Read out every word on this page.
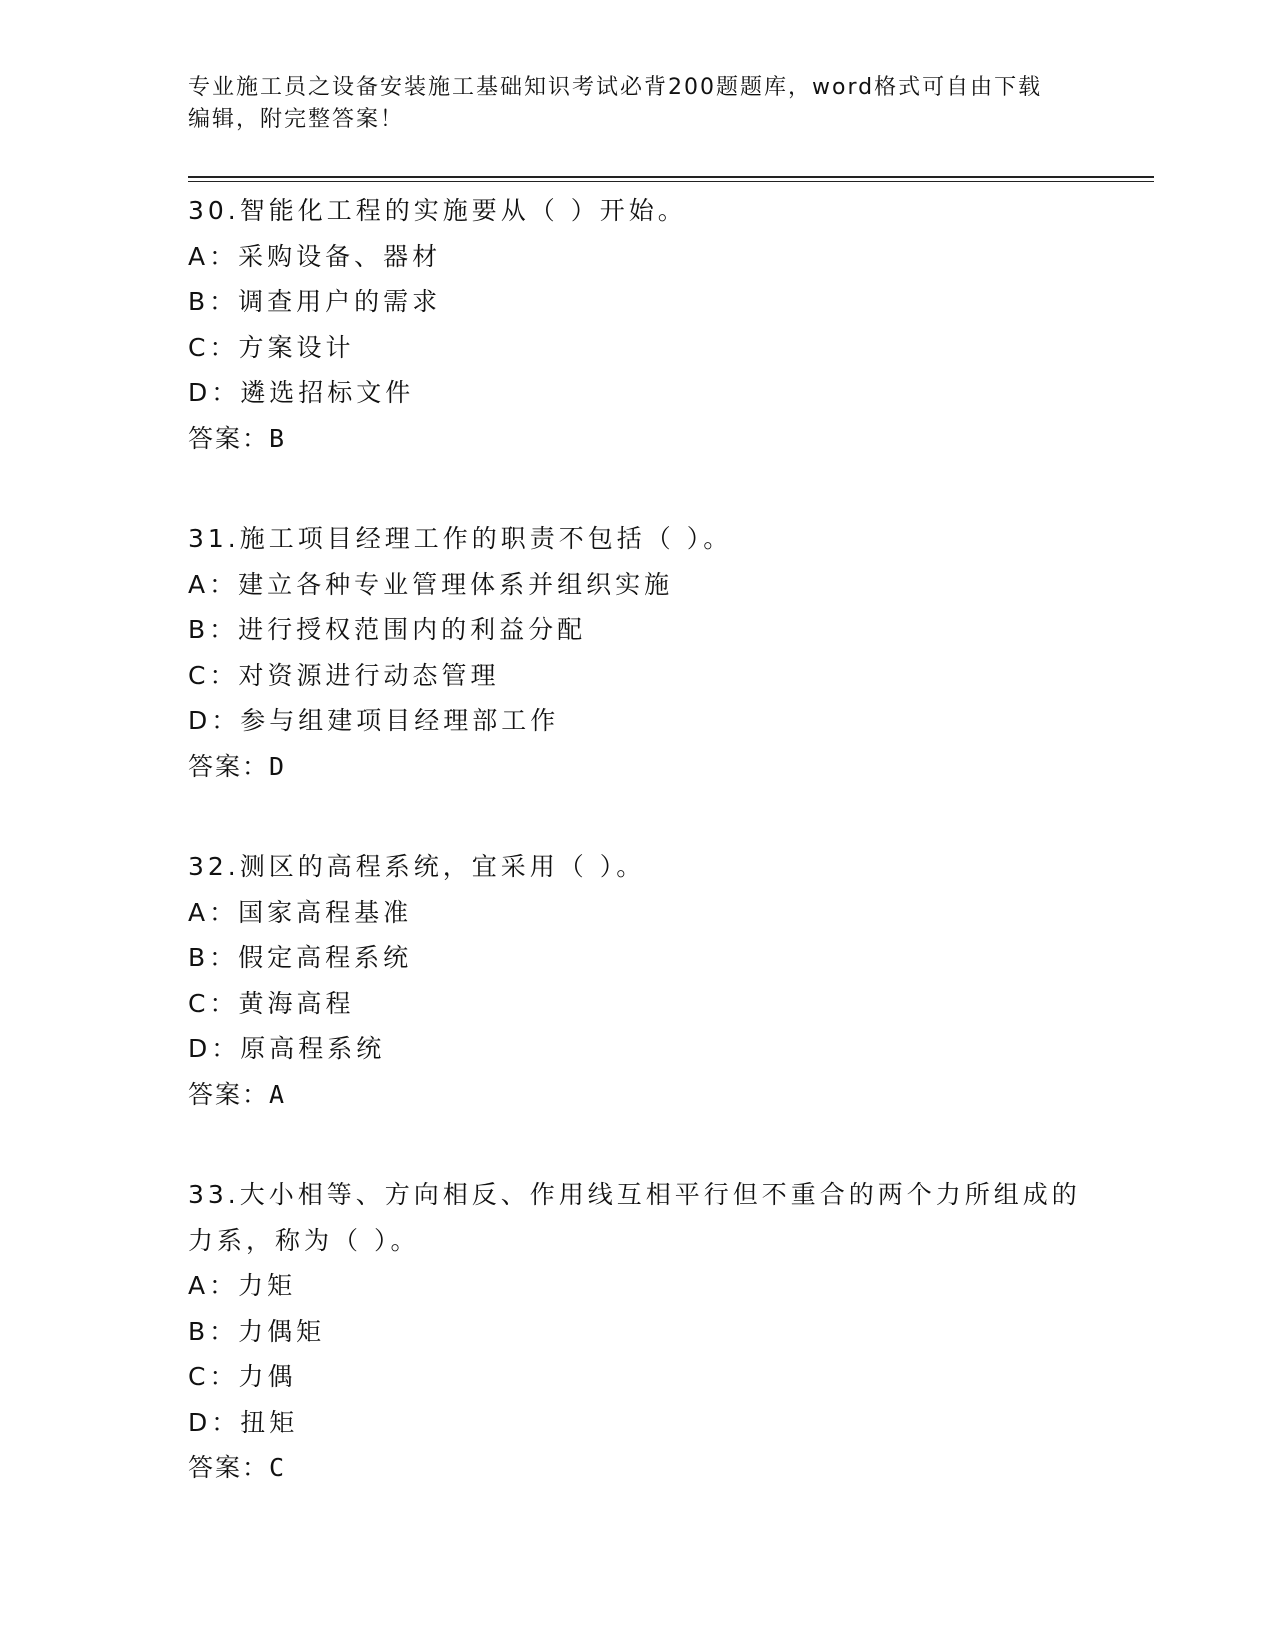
专业施工员之设备安装施工基础知识考试必背200题题库，word格式可自由下载
编辑，附完整答案！
30.智能化工程的实施要从（ ）开始。
A：采购设备、器材
B：调查用户的需求
C：方案设计
D：遴选招标文件
答案：B
31.施工项目经理工作的职责不包括（ ）。
A：建立各种专业管理体系并组织实施
B：进行授权范围内的利益分配
C：对资源进行动态管理
D：参与组建项目经理部工作
答案：D
32.测区的高程系统，宜采用（ ）。
A：国家高程基准
B：假定高程系统
C：黄海高程
D：原高程系统
答案：A
33.大小相等、方向相反、作用线互相平行但不重合的两个力所组成的
力系，称为（ ）。
A：力矩
B：力偶矩
C：力偶
D：扭矩
答案：C
